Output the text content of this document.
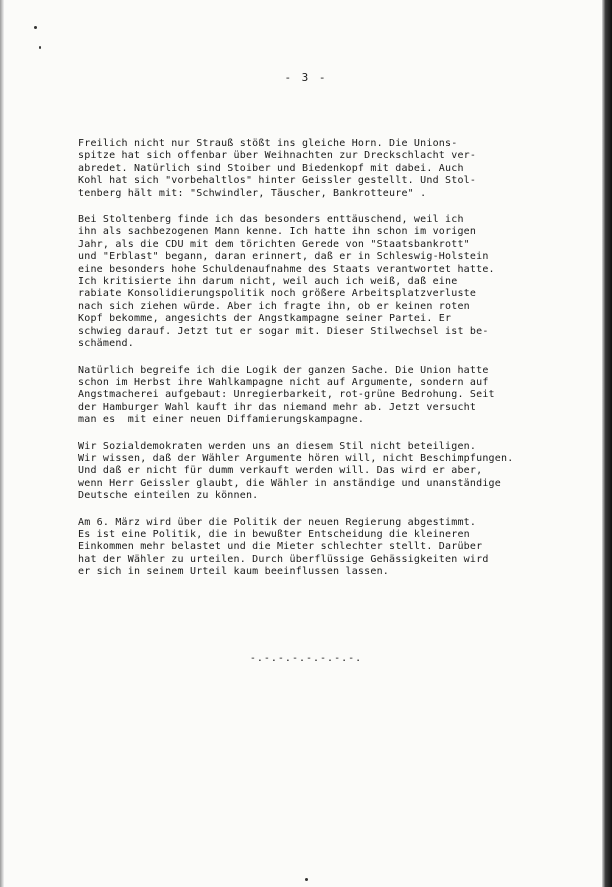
- 3 -
Freilich nicht nur Strauß stößt ins gleiche Horn. Die Unions-
spitze hat sich offenbar über Weihnachten zur Dreckschlacht ver-
abredet. Natürlich sind Stoiber und Biedenkopf mit dabei. Auch
Kohl hat sich "vorbehaltlos" hinter Geissler gestellt. Und Stol-
tenberg hält mit: "Schwindler, Täuscher, Bankrotteure" .
Bei Stoltenberg finde ich das besonders enttäuschend, weil ich
ihn als sachbezogenen Mann kenne. Ich hatte ihn schon im vorigen
Jahr, als die CDU mit dem törichten Gerede von "Staatsbankrott"
und "Erblast" begann, daran erinnert, daß er in Schleswig-Holstein
eine besonders hohe Schuldenaufnahme des Staats verantwortet hatte.
Ich kritisierte ihn darum nicht, weil auch ich weiß, daß eine
rabiate Konsolidierungspolitik noch größere Arbeitsplatzverluste
nach sich ziehen würde. Aber ich fragte ihn, ob er keinen roten
Kopf bekomme, angesichts der Angstkampagne seiner Partei. Er
schwieg darauf. Jetzt tut er sogar mit. Dieser Stilwechsel ist be-
schämend.
Natürlich begreife ich die Logik der ganzen Sache. Die Union hatte
schon im Herbst ihre Wahlkampagne nicht auf Argumente, sondern auf
Angstmacherei aufgebaut: Unregierbarkeit, rot-grüne Bedrohung. Seit
der Hamburger Wahl kauft ihr das niemand mehr ab. Jetzt versucht
man es  mit einer neuen Diffamierungskampagne.
Wir Sozialdemokraten werden uns an diesem Stil nicht beteiligen.
Wir wissen, daß der Wähler Argumente hören will, nicht Beschimpfungen.
Und daß er nicht für dumm verkauft werden will. Das wird er aber,
wenn Herr Geissler glaubt, die Wähler in anständige und unanständige
Deutsche einteilen zu können.
Am 6. März wird über die Politik der neuen Regierung abgestimmt.
Es ist eine Politik, die in bewußter Entscheidung die kleineren
Einkommen mehr belastet und die Mieter schlechter stellt. Darüber
hat der Wähler zu urteilen. Durch überflüssige Gehässigkeiten wird
er sich in seinem Urteil kaum beeinflussen lassen.
-.-.-.-.-.-.-.-.
